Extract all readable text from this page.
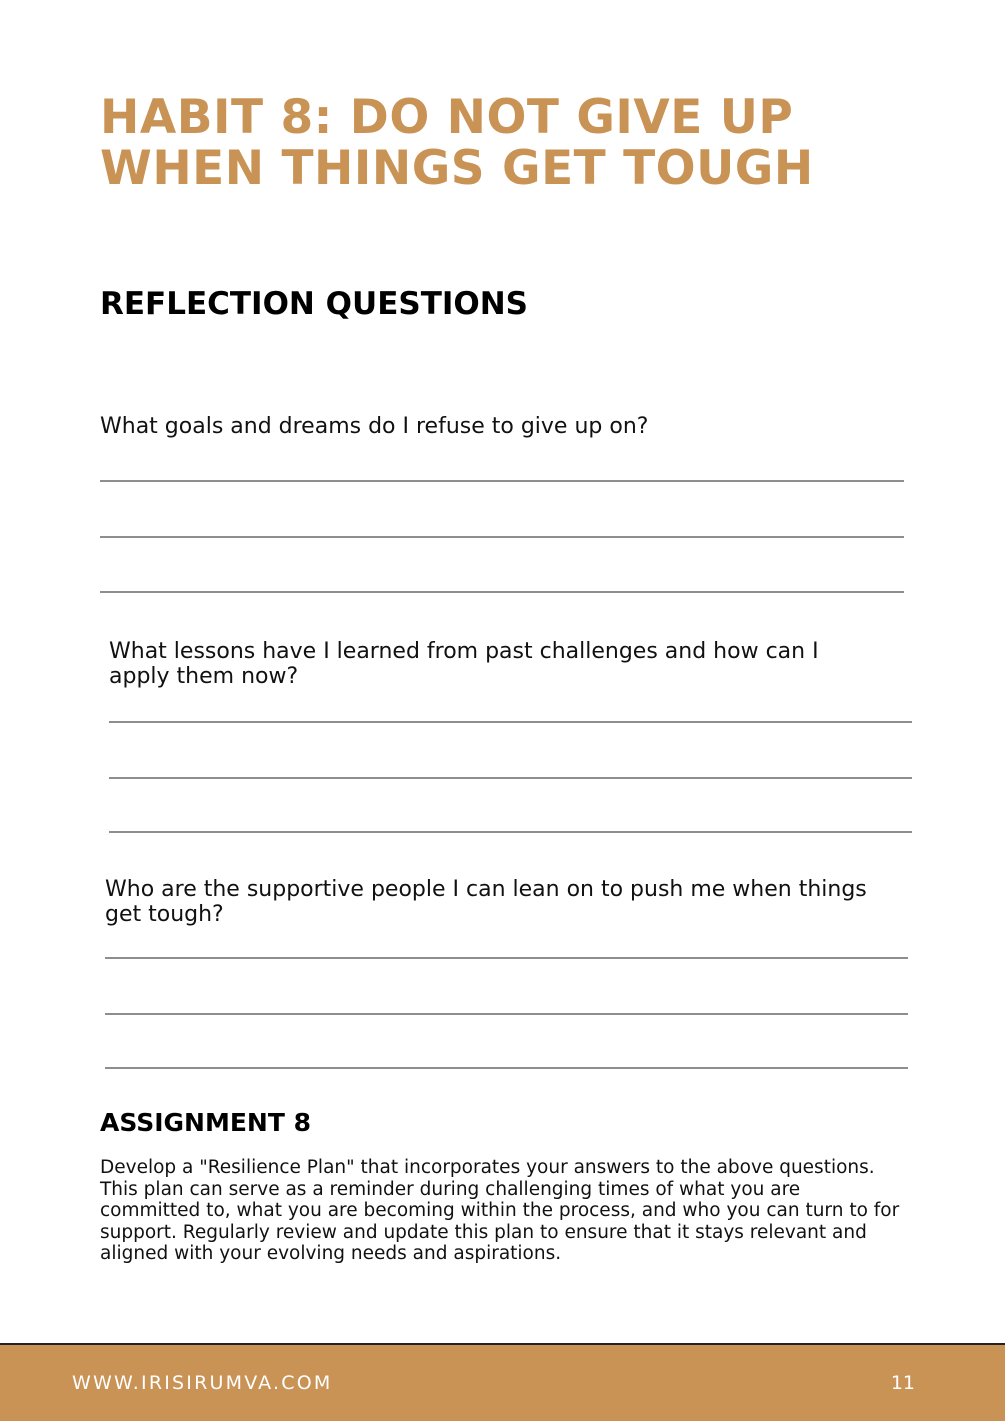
HABIT 8: DO NOT GIVE UP WHEN THINGS GET TOUGH
REFLECTION QUESTIONS

What goals and dreams do I refuse to give up on?

What lessons have I learned from past challenges and how can I apply them now?

Who are the supportive people I can lean on to push me when things get tough?

ASSIGNMENT 8

Develop a "Resilience Plan" that incorporates your answers to the above questions. This plan can serve as a reminder during challenging times of what you are committed to, what you are becoming within the process, and who you can turn to for support. Regularly review and update this plan to ensure that it stays relevant and aligned with your evolving needs and aspirations.

WWW.IRISIRUMVA.COM	11
